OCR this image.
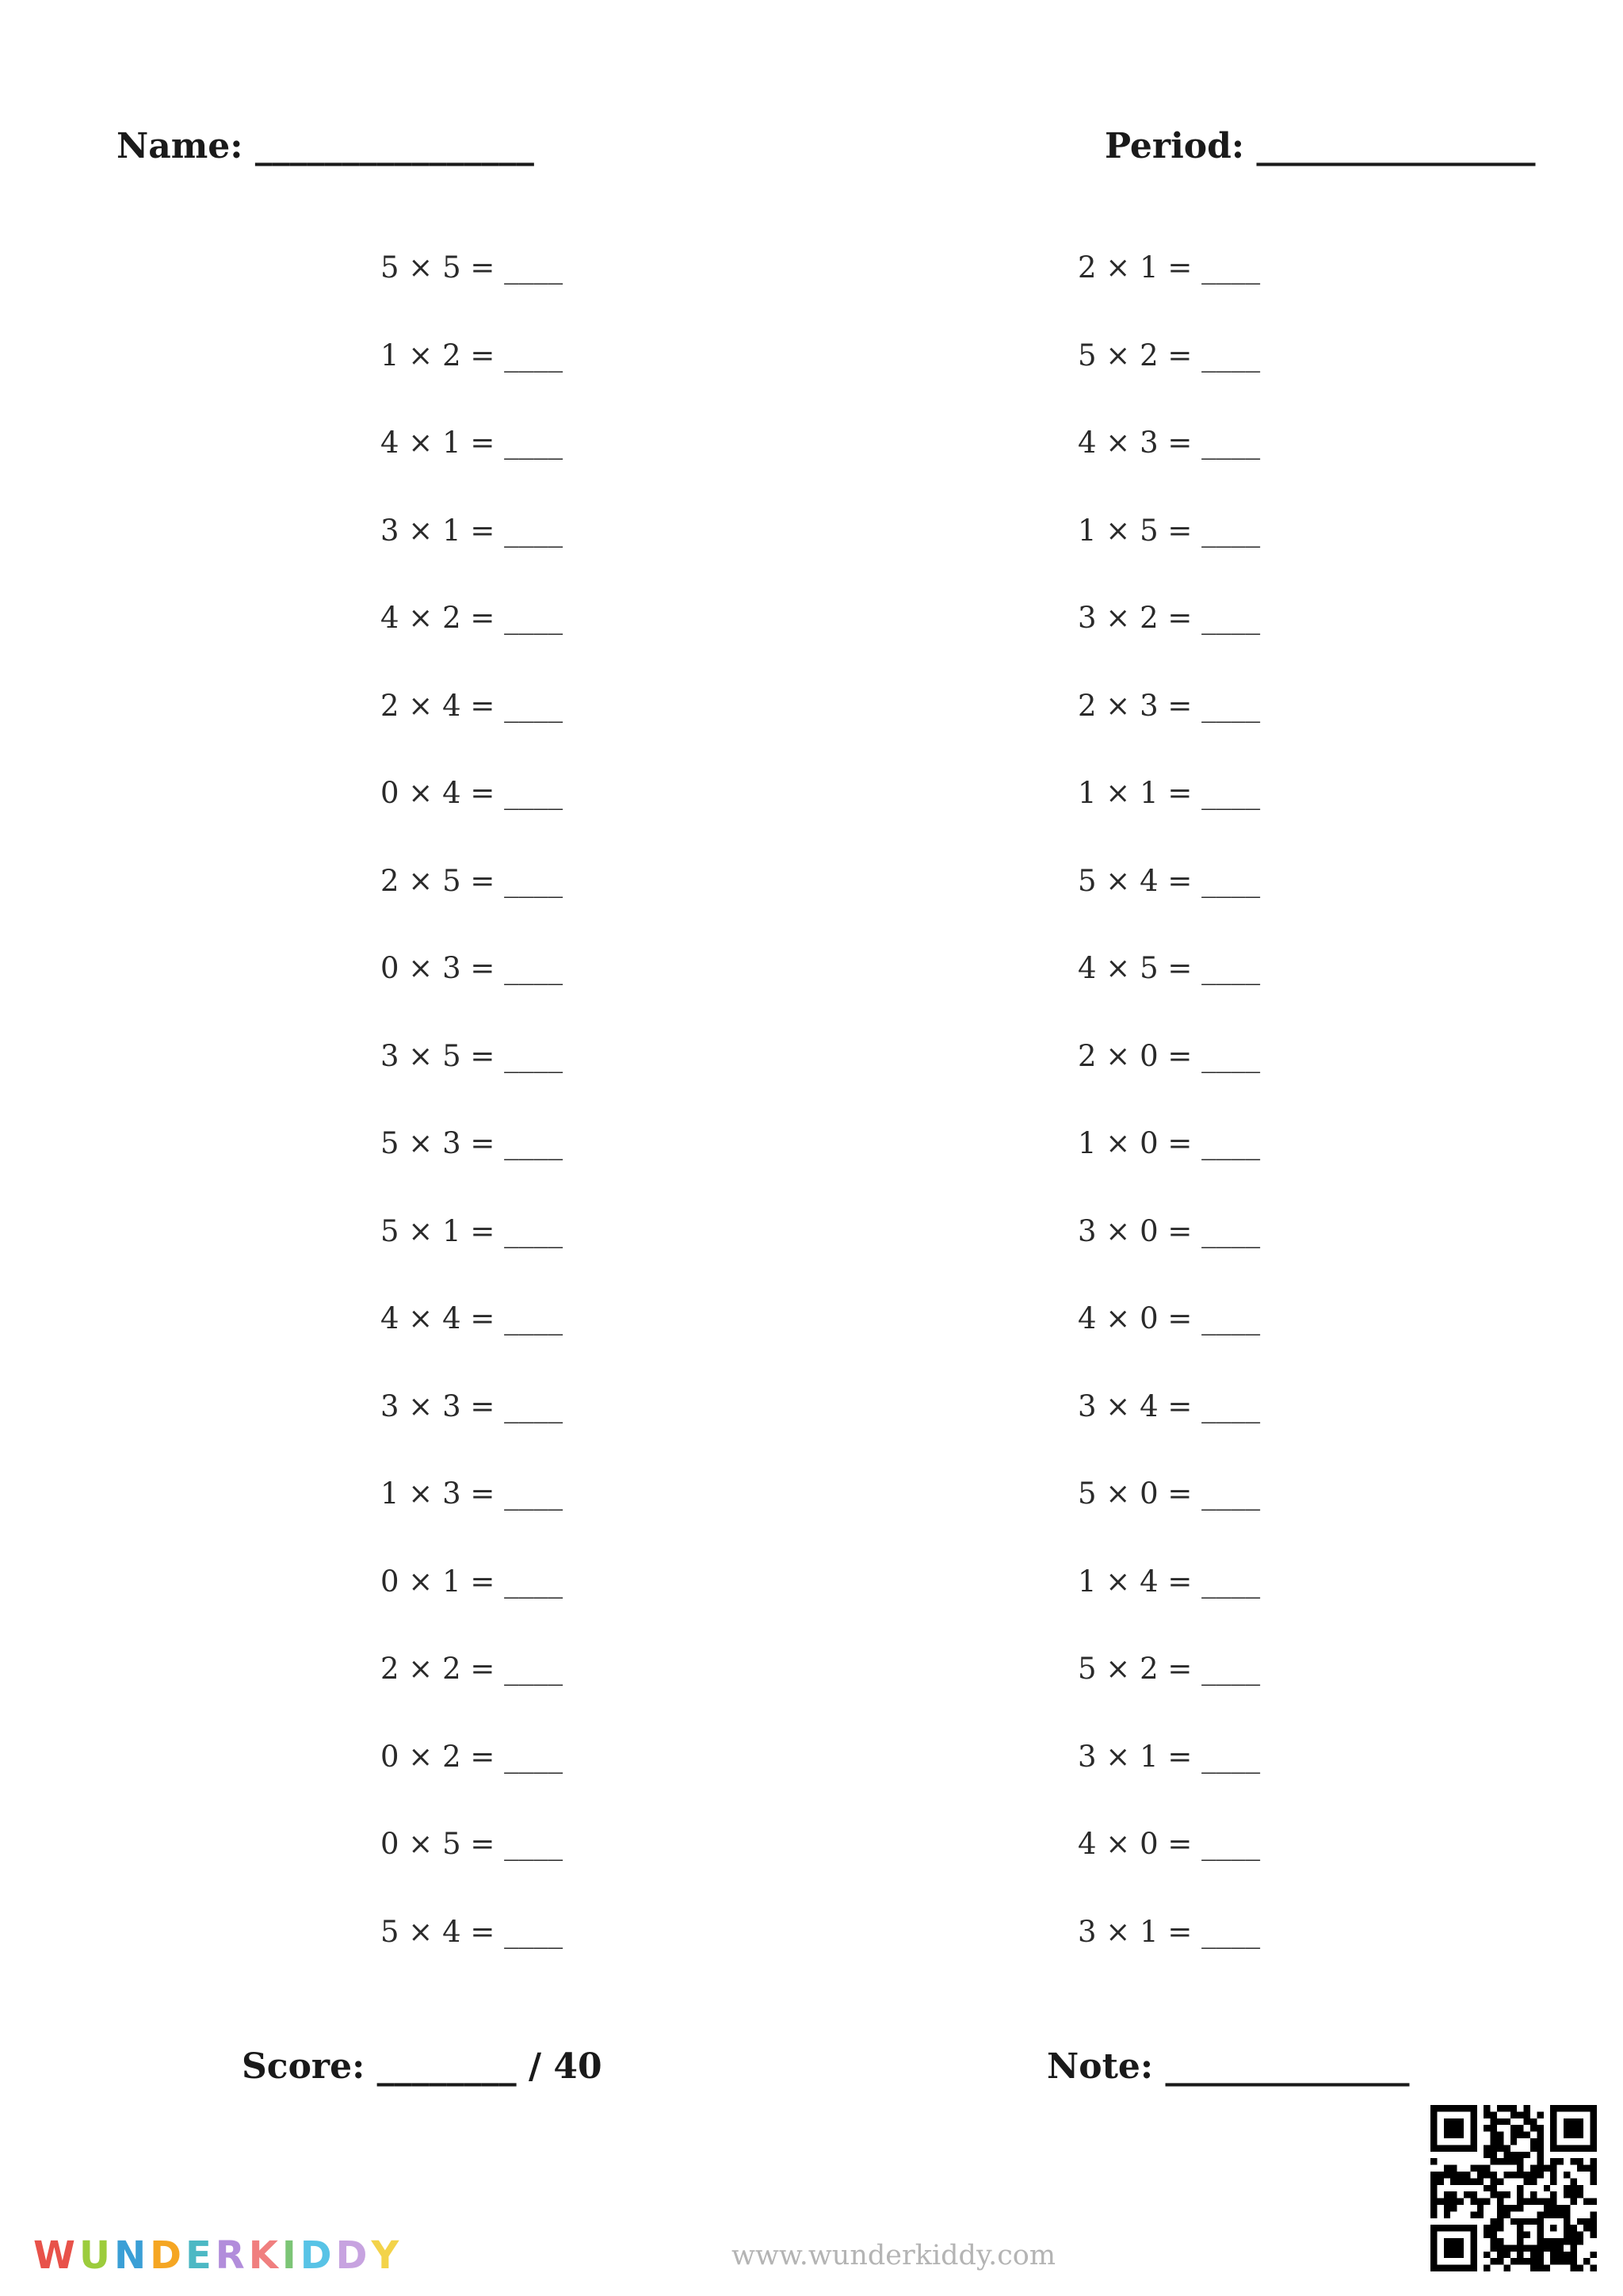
Name: ________________	Period: ________________
5 × 5 = ____
1 × 2 = ____
4 × 1 = ____
3 × 1 = ____
4 × 2 = ____
2 × 4 = ____
0 × 4 = ____
2 × 5 = ____
0 × 3 = ____
3 × 5 = ____
5 × 3 = ____
5 × 1 = ____
4 × 4 = ____
3 × 3 = ____
1 × 3 = ____
0 × 1 = ____
2 × 2 = ____
0 × 2 = ____
0 × 5 = ____
5 × 4 = ____
2 × 1 = ____
5 × 2 = ____
4 × 3 = ____
1 × 5 = ____
3 × 2 = ____
2 × 3 = ____
1 × 1 = ____
5 × 4 = ____
4 × 5 = ____
2 × 0 = ____
1 × 0 = ____
3 × 0 = ____
4 × 0 = ____
3 × 4 = ____
5 × 0 = ____
1 × 4 = ____
5 × 2 = ____
3 × 1 = ____
4 × 0 = ____
3 × 1 = ____
Score: ________ / 40	Note: ______________
W U N D E R K I D D Y	www.wunderkiddy.com
